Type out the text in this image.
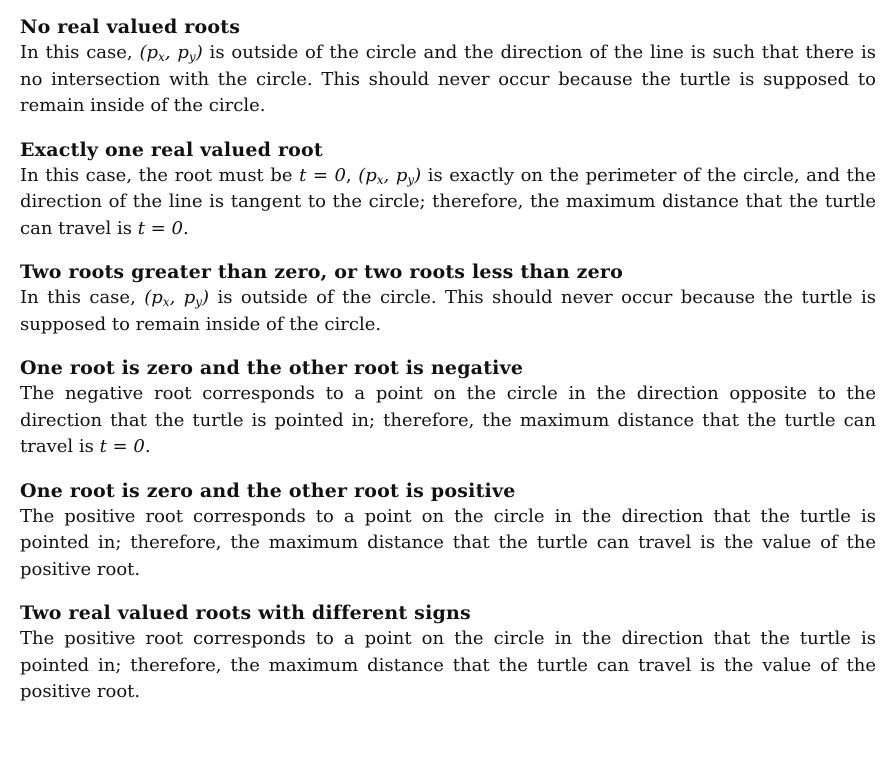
No real valued roots

In this case, ($p_x$, $p_y$) is outside of the circle and the direction of the line is such that there is no intersection with the circle. This should never occur because the turtle is supposed to remain inside of the circle.

Exactly one real valued root

In this case, the root must be t = 0, ($p_x$, $p_y$) is exactly on the perimeter of the circle, and the direction of the line is tangent to the circle; therefore, the maximum distance that the turtle can travel is t = 0.

Two roots greater than zero, or two roots less than zero

In this case, ($p_x$, $p_y$) is outside of the circle. This should never occur because the turtle is supposed to remain inside of the circle.

One root is zero and the other root is negative

The negative root corresponds to a point on the circle in the direction opposite to the direction that the turtle is pointed in; therefore, the maximum distance that the turtle can travel is t = 0.

One root is zero and the other root is positive

The positive root corresponds to a point on the circle in the direction that the turtle is pointed in; therefore, the maximum distance that the turtle can travel is the value of the positive root.

Two real valued roots with different signs

The positive root corresponds to a point on the circle in the direction that the turtle is pointed in; therefore, the maximum distance that the turtle can travel is the value of the positive root.
